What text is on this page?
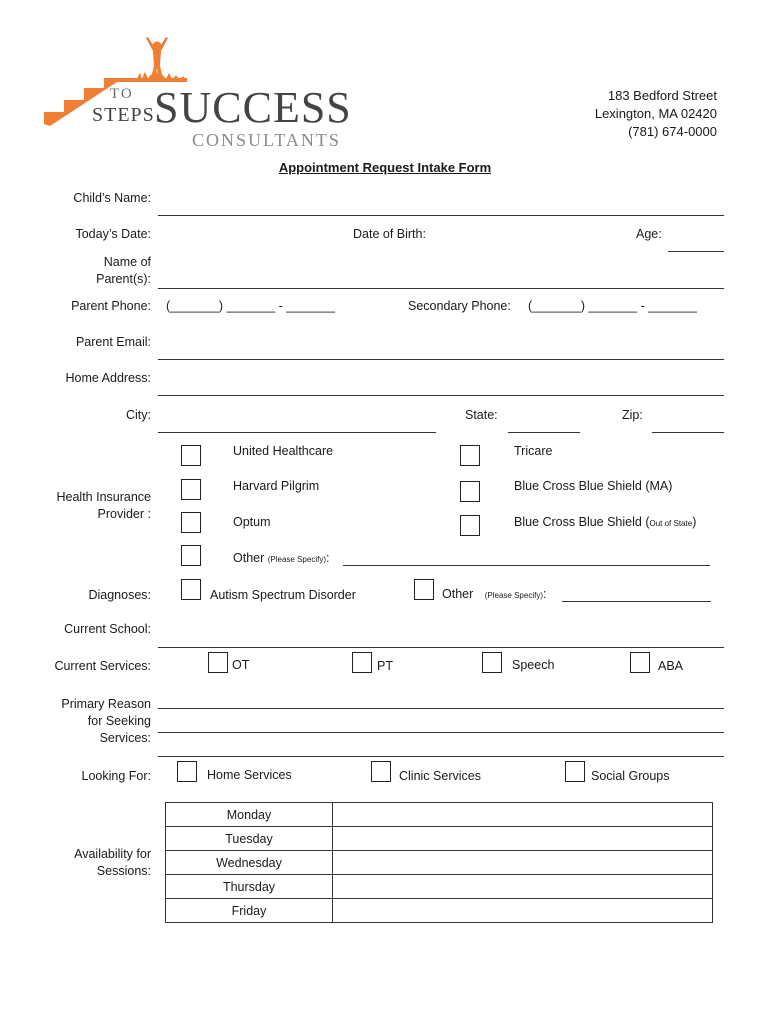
TO
STEPS SUCCESS
CONSULTANTS
183 Bedford Street
Lexington, MA 02420
(781) 674-0000
Appointment Request Intake Form
Child’s Name:
Today’s Date:	Date of Birth:	Age:
Name of
Parent(s):
Parent Phone: (_______) _______ - _______	Secondary Phone: (_______) _______ - _______
Parent Email:
Home Address:
City:	State:	Zip:
Health Insurance
Provider :
United Healthcare	Tricare
Harvard Pilgrim	Blue Cross Blue Shield (MA)
Optum	Blue Cross Blue Shield (Out of State)
Other (Please Specify):
Diagnoses:	Autism Spectrum Disorder	Other (Please Specify):
Current School:
Current Services:	OT	PT	Speech	ABA
Primary Reason
for Seeking
Services:
Looking For:	Home Services	Clinic Services	Social Groups
Availability for
Sessions:
Monday	
Tuesday	
Wednesday	
Thursday	
Friday	
